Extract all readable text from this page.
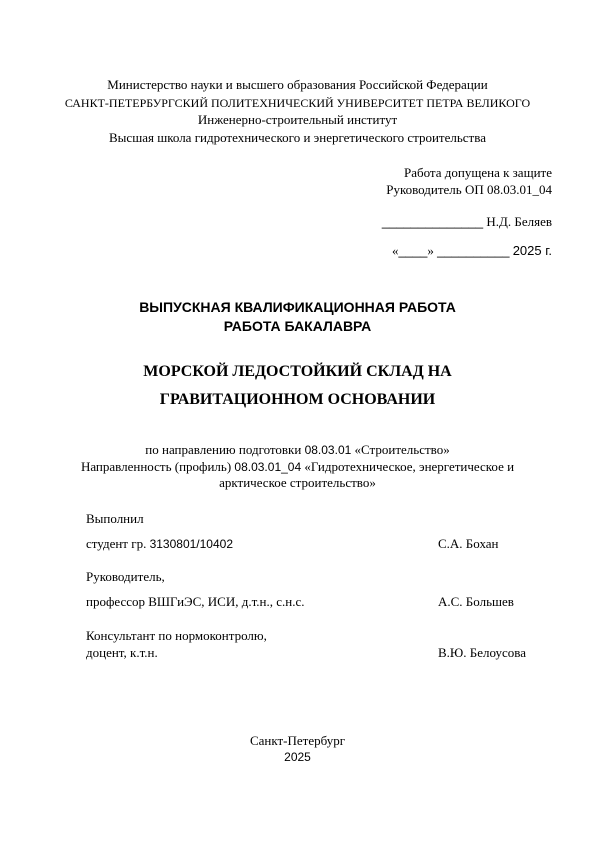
Министерство науки и высшего образования Российской Федерации
САНКТ-ПЕТЕРБУРГСКИЙ ПОЛИТЕХНИЧЕСКИЙ УНИВЕРСИТЕТ ПЕТРА ВЕЛИКОГО
Инженерно-строительный институт
Высшая школа гидротехнического и энергетического строительства
Работа допущена к защите
Руководитель ОП 08.03.01_04
______________ Н.Д. Беляев
«____» __________ 2025 г.
ВЫПУСКНАЯ КВАЛИФИКАЦИОННАЯ РАБОТА
РАБОТА БАКАЛАВРА
МОРСКОЙ ЛЕДОСТОЙКИЙ СКЛАД НА
ГРАВИТАЦИОННОМ ОСНОВАНИИ
по направлению подготовки 08.03.01 «Строительство»
Направленность (профиль) 08.03.01_04 «Гидротехническое, энергетическое и
арктическое строительство»
Выполнил
студент гр. 3130801/10402	С.А. Бохан
Руководитель,
профессор ВШГиЭС, ИСИ, д.т.н., с.н.с.	А.С. Большев
Консультант по нормоконтролю,
доцент, к.т.н.	В.Ю. Белоусова
Санкт-Петербург
2025
